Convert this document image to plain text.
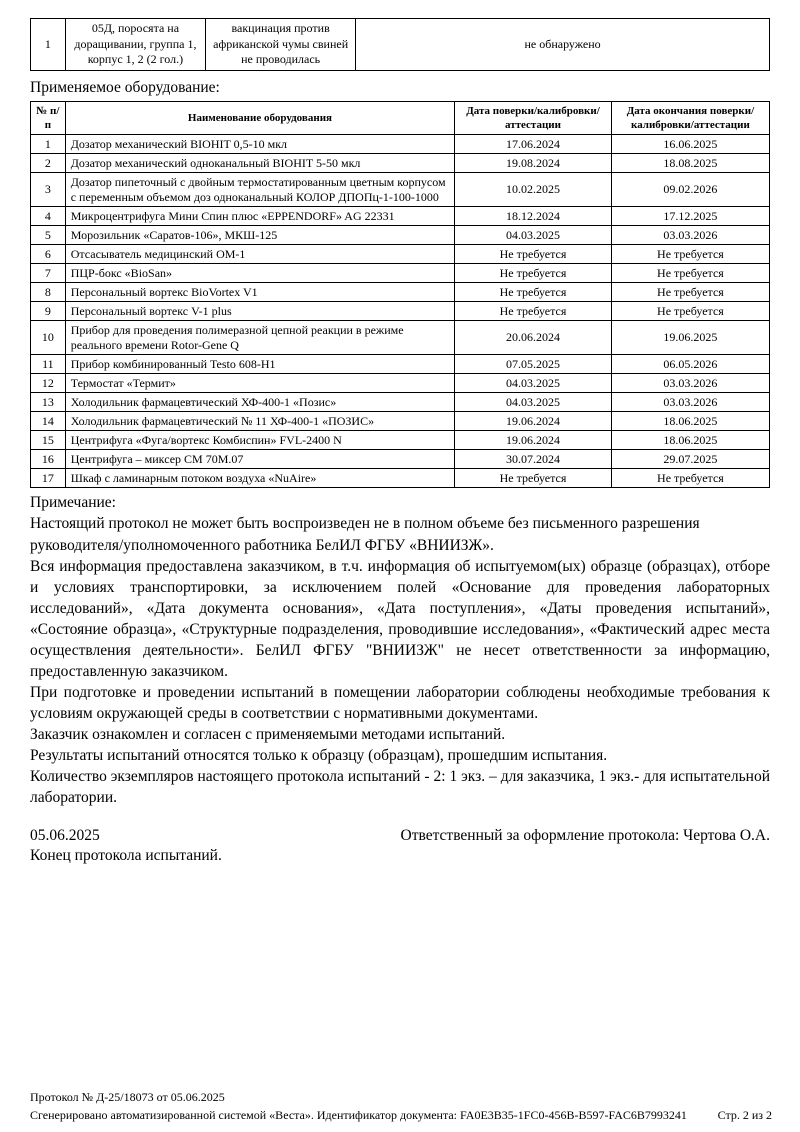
1	05Д, поросята на доращивании, группа 1, корпус 1, 2 (2 гол.)	вакцинация против африканской чумы свиней не проводилась	не обнаружено
Применяемое оборудование:
№ п/п	Наименование оборудования	Дата поверки/калибровки/аттестации	Дата окончания поверки/калибровки/аттестации
1	Дозатор механический BIOHIT 0,5-10 мкл	17.06.2024	16.06.2025
2	Дозатор механический одноканальный BIOHIT 5-50 мкл	19.08.2024	18.08.2025
3	Дозатор пипеточный с двойным термостатированным цветным корпусом с переменным объемом доз одноканальный КОЛОР ДПОПц-1-100-1000	10.02.2025	09.02.2026
4	Микроцентрифуга Мини Спин плюс «EPPENDORF» AG 22331	18.12.2024	17.12.2025
5	Морозильник «Саратов-106», МКШ-125	04.03.2025	03.03.2026
6	Отсасыватель медицинский ОМ-1	Не требуется	Не требуется
7	ПЦР-бокс «BioSan»	Не требуется	Не требуется
8	Персональный вортекс BioVortex V1	Не требуется	Не требуется
9	Персональный вортекс V-1 plus	Не требуется	Не требуется
10	Прибор для проведения полимеразной цепной реакции в режиме реального времени Rotor-Gene Q	20.06.2024	19.06.2025
11	Прибор комбинированный Testo 608-H1	07.05.2025	06.05.2026
12	Термостат «Термит»	04.03.2025	03.03.2026
13	Холодильник фармацевтический ХФ-400-1 «Позис»	04.03.2025	03.03.2026
14	Холодильник фармацевтический № 11 ХФ-400-1 «ПОЗИС»	19.06.2024	18.06.2025
15	Центрифуга «Фуга/вортекс Комбиспин» FVL-2400 N	19.06.2024	18.06.2025
16	Центрифуга – миксер СМ 70М.07	30.07.2024	29.07.2025
17	Шкаф с ламинарным потоком воздуха «NuAire»	Не требуется	Не требуется
Примечание:

Настоящий протокол не может быть воспроизведен не в полном объеме без письменного разрешения руководителя/уполномоченного работника БелИЛ ФГБУ «ВНИИЗЖ».

Вся информация предоставлена заказчиком, в т.ч. информация об испытуемом(ых) образце (образцах), отборе и условиях транспортировки, за исключением полей «Основание для проведения лабораторных исследований», «Дата документа основания», «Дата поступления», «Даты проведения испытаний», «Состояние образца», «Структурные подразделения, проводившие исследования», «Фактический адрес места осуществления деятельности». БелИЛ ФГБУ "ВНИИЗЖ" не несет ответственности за информацию, предоставленную заказчиком.

При подготовке и проведении испытаний в помещении лаборатории соблюдены необходимые требования к условиям окружающей среды в соответствии с нормативными документами.

Заказчик ознакомлен и согласен с применяемыми методами испытаний.

Результаты испытаний относятся только к образцу (образцам), прошедшим испытания.

Количество экземпляров настоящего протокола испытаний - 2: 1 экз. – для заказчика, 1 экз.- для испытательной лаборатории.

05.06.2025	Ответственный за оформление протокола: Чертова О.А.
Конец протокола испытаний.
Протокол № Д-25/18073 от 05.06.2025
Сгенерировано автоматизированной системой «Веста». Идентификатор документа: FA0E3B35-1FC0-456B-B597-FAC6B7993241	Стр. 2 из 2
